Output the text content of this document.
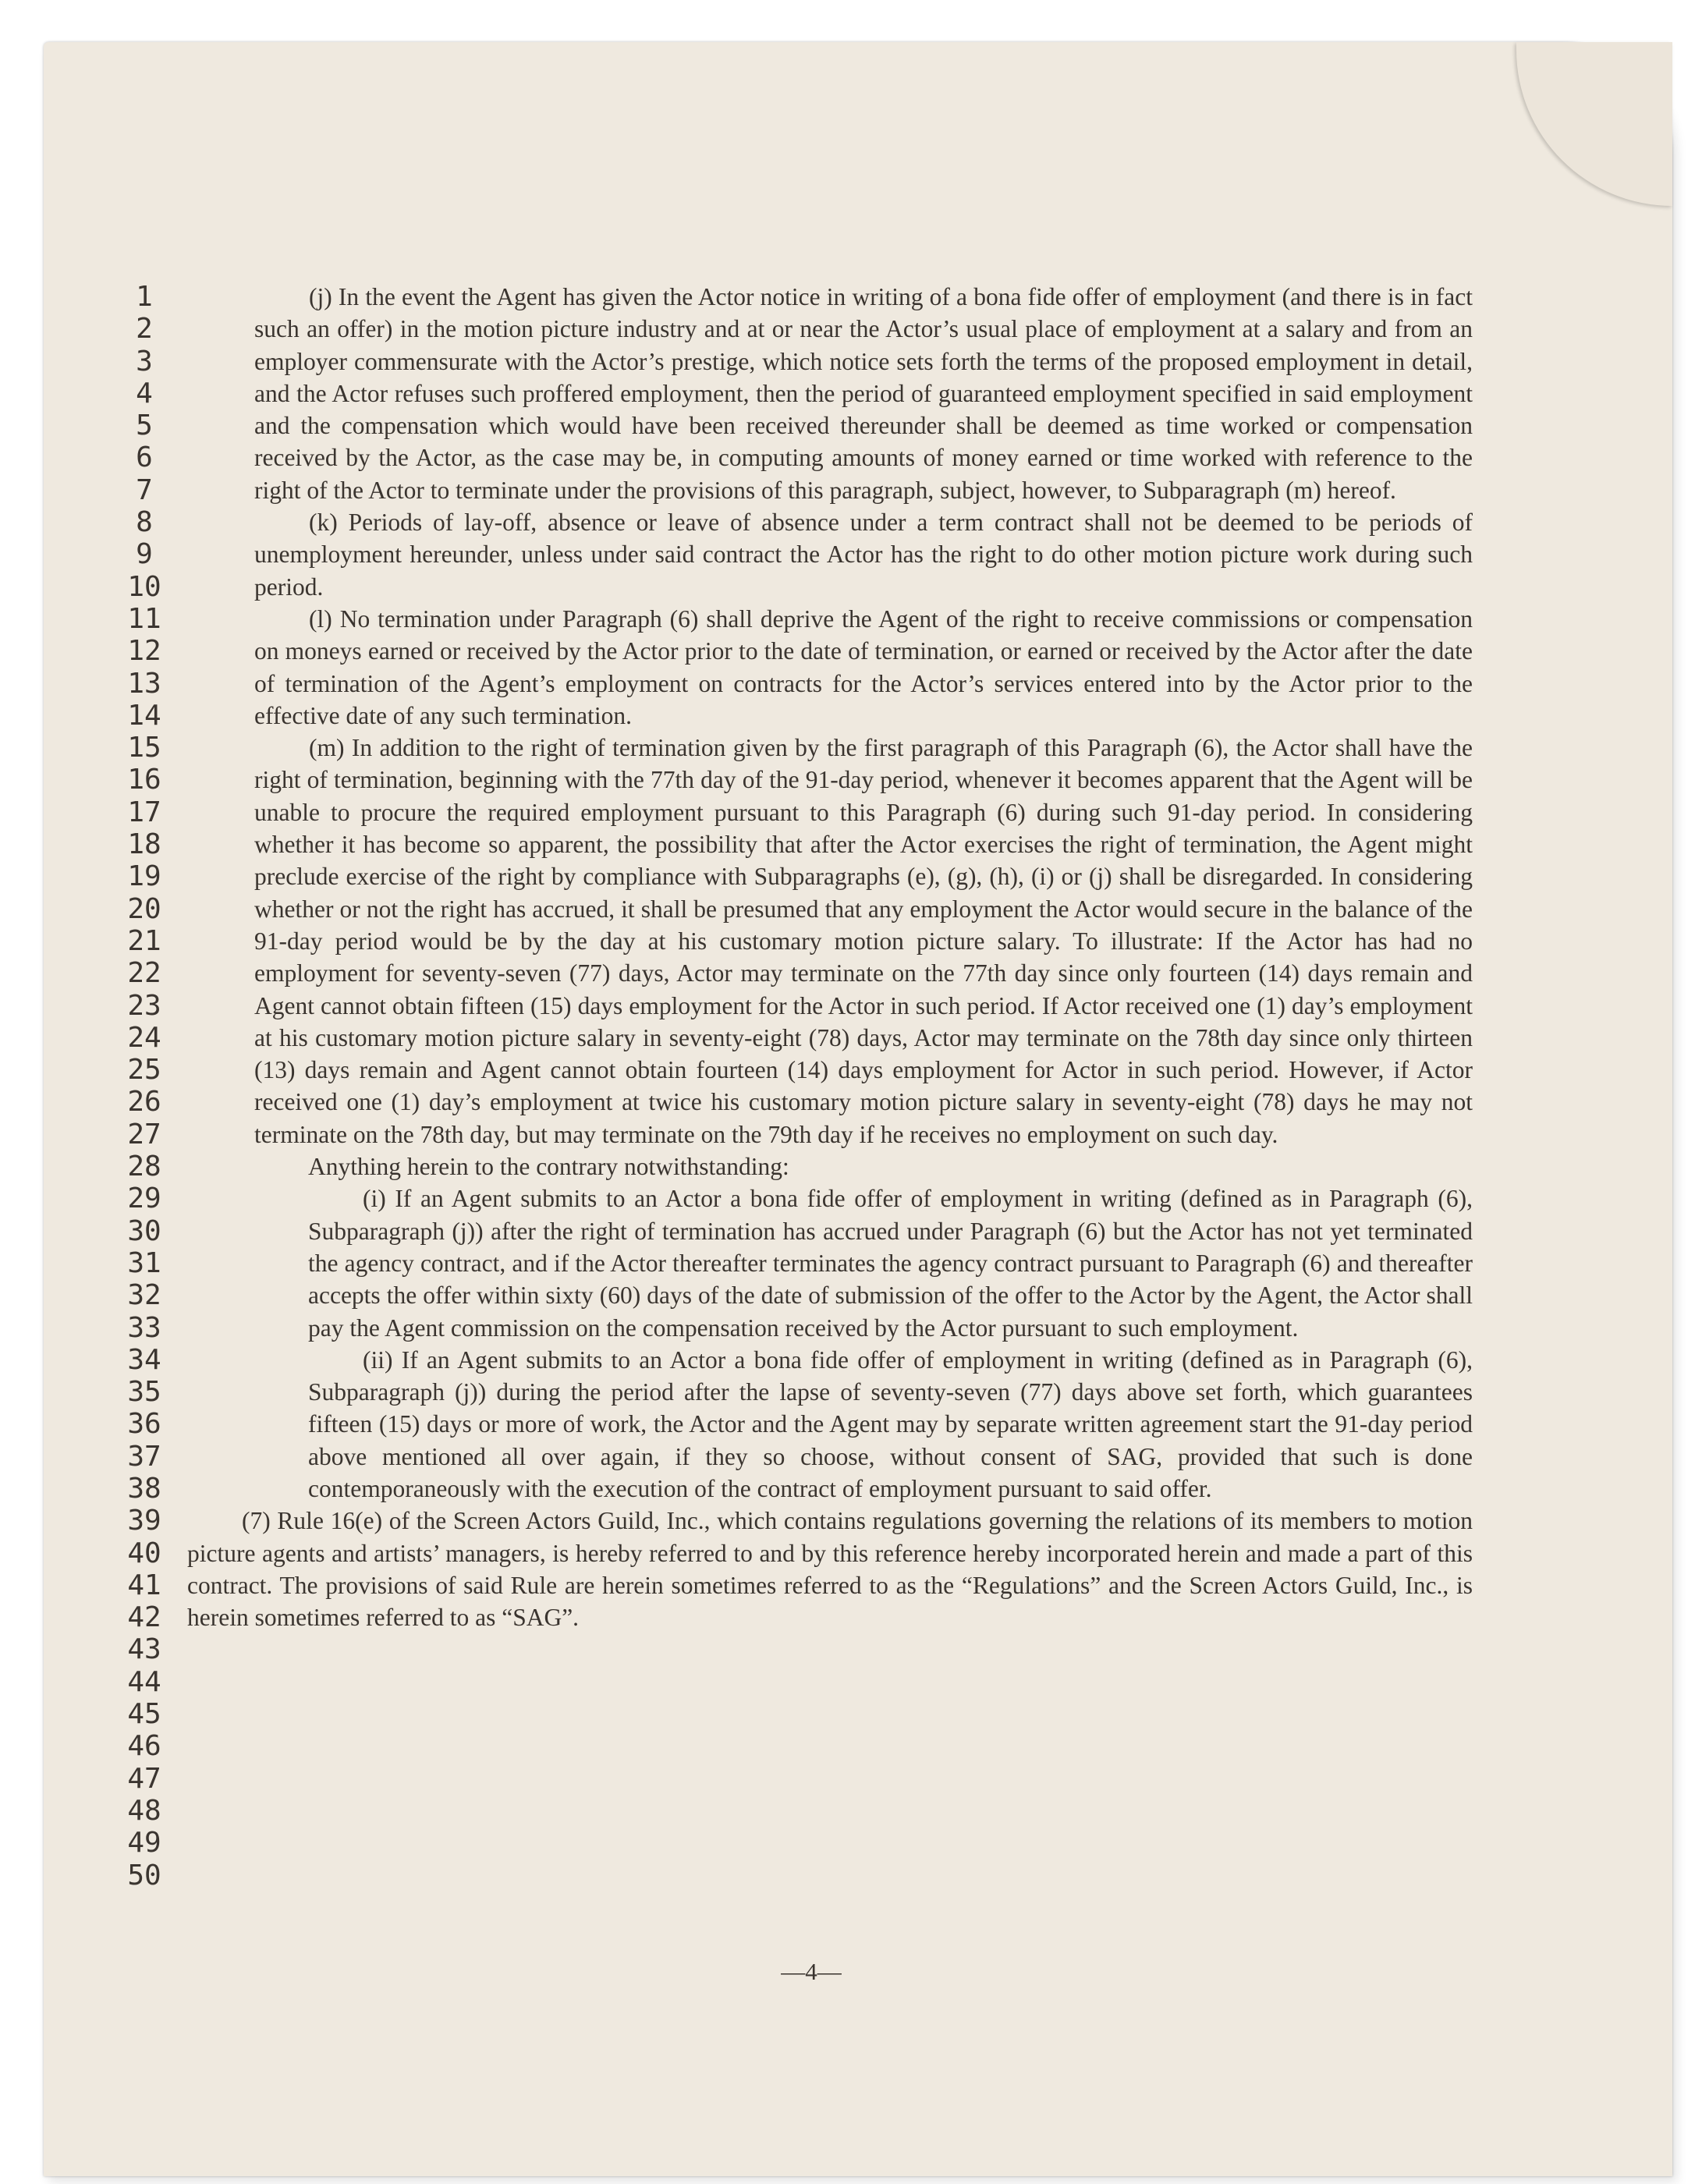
1
2
3
4
5
6
7
8
9
10
11
12
13
14
15
16
17
18
19
20
21
22
23
24
25
26
27
28
29
30
31
32
33
34
35
36
37
38
39
40
41
42
43
44
45
46
47
48
49
50

(j) In the event the Agent has given the Actor notice in writing of a bona fide offer of employment (and there is in fact such an offer) in the motion picture industry and at or near the Actor’s usual place of employment at a salary and from an employer commensurate with the Actor’s prestige, which notice sets forth the terms of the proposed employment in detail, and the Actor refuses such proffered employment, then the period of guaranteed employment specified in said employment and the compensation which would have been received thereunder shall be deemed as time worked or compensation received by the Actor, as the case may be, in computing amounts of money earned or time worked with reference to the right of the Actor to terminate under the provisions of this paragraph, subject, however, to Subparagraph (m) hereof.

(k) Periods of lay-off, absence or leave of absence under a term contract shall not be deemed to be periods of unemployment hereunder, unless under said contract the Actor has the right to do other motion picture work during such period.

(l) No termination under Paragraph (6) shall deprive the Agent of the right to receive commissions or compensation on moneys earned or received by the Actor prior to the date of termination, or earned or received by the Actor after the date of termination of the Agent’s employment on contracts for the Actor’s services entered into by the Actor prior to the effective date of any such termination.

(m) In addition to the right of termination given by the first paragraph of this Paragraph (6), the Actor shall have the right of termination, beginning with the 77th day of the 91-day period, whenever it becomes apparent that the Agent will be unable to procure the required employment pursuant to this Paragraph (6) during such 91-day period. In considering whether it has become so apparent, the possibility that after the Actor exercises the right of termination, the Agent might preclude exercise of the right by compliance with Subparagraphs (e), (g), (h), (i) or (j) shall be disregarded. In considering whether or not the right has accrued, it shall be presumed that any employment the Actor would secure in the balance of the 91-day period would be by the day at his customary motion picture salary. To illustrate: If the Actor has had no employment for seventy-seven (77) days, Actor may terminate on the 77th day since only fourteen (14) days remain and Agent cannot obtain fifteen (15) days employment for the Actor in such period. If Actor received one (1) day’s employment at his customary motion picture salary in seventy-eight (78) days, Actor may terminate on the 78th day since only thirteen (13) days remain and Agent cannot obtain fourteen (14) days employment for Actor in such period. However, if Actor received one (1) day’s employment at twice his customary motion picture salary in seventy-eight (78) days he may not terminate on the 78th day, but may terminate on the 79th day if he receives no employment on such day.

Anything herein to the contrary notwithstanding:

(i) If an Agent submits to an Actor a bona fide offer of employment in writing (defined as in Paragraph (6), Subparagraph (j)) after the right of termination has accrued under Paragraph (6) but the Actor has not yet terminated the agency contract, and if the Actor thereafter terminates the agency contract pursuant to Paragraph (6) and thereafter accepts the offer within sixty (60) days of the date of submission of the offer to the Actor by the Agent, the Actor shall pay the Agent commission on the compensation received by the Actor pursuant to such employment.

(ii) If an Agent submits to an Actor a bona fide offer of employment in writing (defined as in Paragraph (6), Subparagraph (j)) during the period after the lapse of seventy-seven (77) days above set forth, which guarantees fifteen (15) days or more of work, the Actor and the Agent may by separate written agreement start the 91-day period above mentioned all over again, if they so choose, without consent of SAG, provided that such is done contemporaneously with the execution of the contract of employment pursuant to said offer.

(7) Rule 16(e) of the Screen Actors Guild, Inc., which contains regulations governing the relations of its members to motion picture agents and artists’ managers, is hereby referred to and by this reference hereby incorporated herein and made a part of this contract. The provisions of said Rule are herein sometimes referred to as the “Regulations” and the Screen Actors Guild, Inc., is herein sometimes referred to as “SAG”.

—4—
